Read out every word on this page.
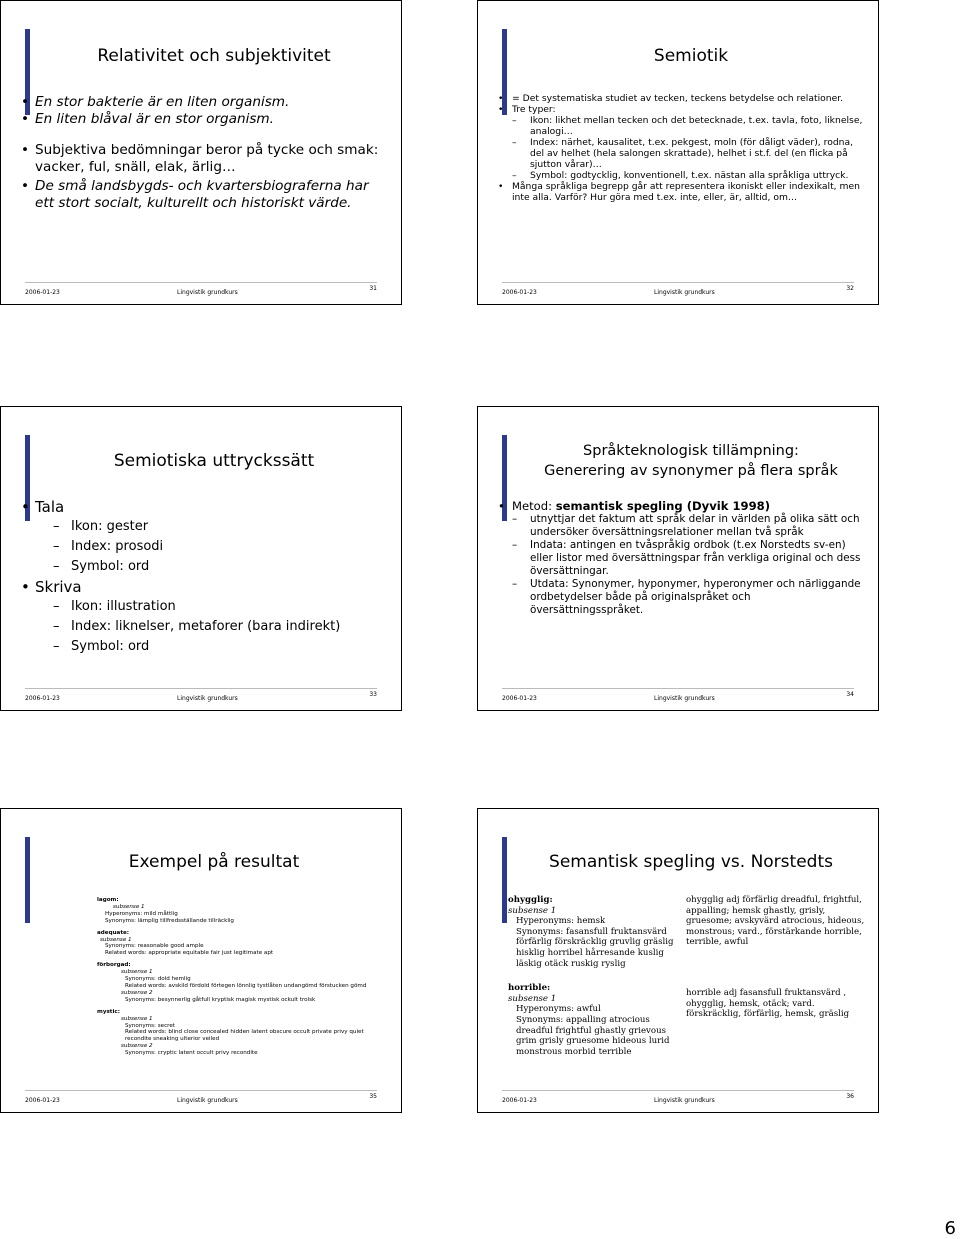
Relativitet och subjektivitet
• En stor bakterie är en liten organism.
• En liten blåval är en stor organism.
• Subjektiva bedömningar beror på tycke och smak: vacker, ful, snäll, elak, ärlig…
• De små landsbygds- och kvartersbiograferna har ett stort socialt, kulturellt och historiskt värde.
2006-01-23	Lingvistik grundkurs
31
Semiotik
• = Det systematiska studiet av tecken, teckens betydelse och relationer.
• Tre typer:
– Ikon: likhet mellan tecken och det betecknade, t.ex. tavla, foto, liknelse, analogi…
– Index: närhet, kausalitet, t.ex. pekgest, moln (för dåligt väder), rodna, del av helhet (hela salongen skrattade), helhet i st.f. del (en flicka på sjutton vårar)…
– Symbol: godtycklig, konventionell, t.ex. nästan alla språkliga uttryck.
• Många språkliga begrepp går att representera ikoniskt eller indexikalt, men inte alla. Varför? Hur göra med t.ex. inte, eller, är, alltid, om…
2006-01-23	Lingvistik grundkurs
32
Semiotiska uttryckssätt
• Tala
– Ikon: gester
– Index: prosodi
– Symbol: ord
• Skriva
– Ikon: illustration
– Index: liknelser, metaforer (bara indirekt)
– Symbol: ord
2006-01-23	Lingvistik grundkurs
33
Språkteknologisk tillämpning:
Generering av synonymer på flera språk
• Metod: semantisk spegling (Dyvik 1998)
– utnyttjar det faktum att språk delar in världen på olika sätt och undersöker översättningsrelationer mellan två språk
– Indata: antingen en tvåspråkig ordbok (t.ex Norstedts sv-en) eller listor med översättningspar från verkliga original och dess översättningar.
– Utdata: Synonymer, hyponymer, hyperonymer och närliggande ordbetydelser både på originalspråket och översättningsspråket.
2006-01-23	Lingvistik grundkurs
34
Exempel på resultat
lagom:
subsense 1
Hyperonyms: mild måttlig
Synonyms: lämplig tillfredsställande tillräcklig
adequate:
subsense 1
Synonyms: reasonable good ample
Related words: appropriate equitable fair just legitimate apt
förborgad:
subsense 1
Synonyms: dold hemlig
Related words: avskild fördold förtegen lönnlig tystlåten undangömd förstucken gömd
subsense 2
Synonyms: besynnerlig gåtfull kryptisk magisk mystisk ockult trolsk
mystic:
subsense 1
Synonyms: secret
Related words: blind close concealed hidden latent obscure occult private privy quiet recondite sneaking ulterior veiled
subsense 2
Synonyms: cryptic latent occult privy recondite
2006-01-23	Lingvistik grundkurs
35
Semantisk spegling vs. Norstedts
ohygglig:
subsense 1
Hyperonyms: hemsk
Synonyms: fasansfull fruktansvärd förfärlig förskräcklig gruvlig gräslig hisklig horribel hårresande kuslig läskig otäck ruskig ryslig
horrible:
subsense 1
Hyperonyms: awful
Synonyms: appalling atrocious dreadful frightful ghastly grievous grim grisly gruesome hideous lurid monstrous morbid terrible
ohygglig adj förfärlig dreadful, frightful, appalling; hemsk ghastly, grisly, gruesome; avskyvärd atrocious, hideous, monstrous; vard., förstärkande horrible, terrible, awful
horrible adj fasansfull fruktansvärd , ohygglig, hemsk, otäck; vard. förskräcklig, förfärlig, hemsk, gräslig
2006-01-23	Lingvistik grundkurs
36
6
